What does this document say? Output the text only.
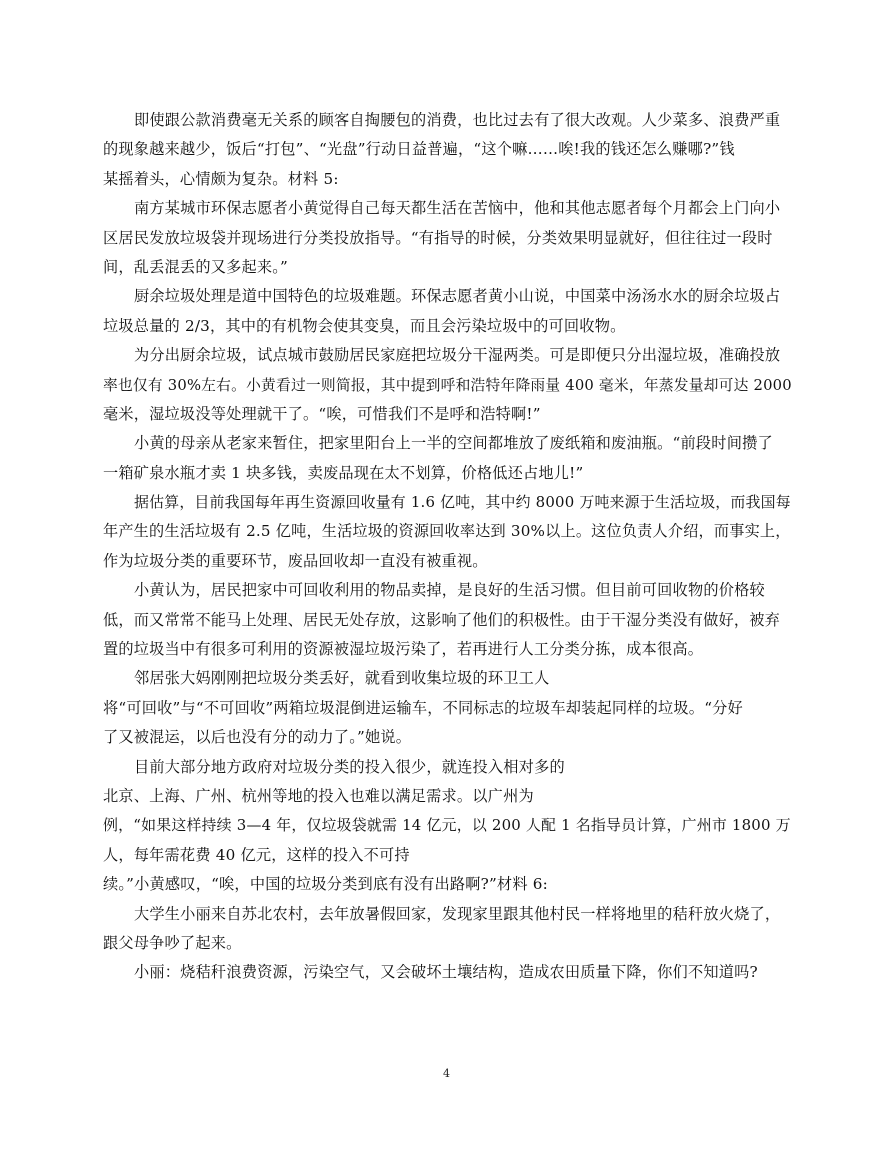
即使跟公款消费毫无关系的顾客自掏腰包的消费，也比过去有了很大改观。人少菜多、浪费严重
的现象越来越少，饭后“打包”、“光盘”行动日益普遍，“这个嘛……唉!我的钱还怎么赚哪?”钱
某摇着头，心情颇为复杂。材料 5:
南方某城市环保志愿者小黄觉得自己每天都生活在苦恼中，他和其他志愿者每个月都会上门向小
区居民发放垃圾袋并现场进行分类投放指导。“有指导的时候，分类效果明显就好，但往往过一段时
间，乱丢混丢的又多起来。”
厨余垃圾处理是道中国特色的垃圾难题。环保志愿者黄小山说，中国菜中汤汤水水的厨余垃圾占
垃圾总量的 2/3，其中的有机物会使其变臭，而且会污染垃圾中的可回收物。
为分出厨余垃圾，试点城市鼓励居民家庭把垃圾分干湿两类。可是即便只分出湿垃圾，准确投放
率也仅有 30%左右。小黄看过一则简报，其中提到呼和浩特年降雨量 400 毫米，年蒸发量却可达 2000
毫米，湿垃圾没等处理就干了。“唉，可惜我们不是呼和浩特啊!”
小黄的母亲从老家来暂住，把家里阳台上一半的空间都堆放了废纸箱和废油瓶。“前段时间攒了
一箱矿泉水瓶才卖 1 块多钱，卖废品现在太不划算，价格低还占地儿!”
据估算，目前我国每年再生资源回收量有 1.6 亿吨，其中约 8000 万吨来源于生活垃圾，而我国每
年产生的生活垃圾有 2.5 亿吨，生活垃圾的资源回收率达到 30%以上。这位负责人介绍，而事实上，
作为垃圾分类的重要环节，废品回收却一直没有被重视。
小黄认为，居民把家中可回收利用的物品卖掉，是良好的生活习惯。但目前可回收物的价格较
低，而又常常不能马上处理、居民无处存放，这影响了他们的积极性。由于干湿分类没有做好，被弃
置的垃圾当中有很多可利用的资源被湿垃圾污染了，若再进行人工分类分拣，成本很高。
邻居张大妈刚刚把垃圾分类丢好，就看到收集垃圾的环卫工人
将“可回收”与“不可回收”两箱垃圾混倒进运输车，不同标志的垃圾车却装起同样的垃圾。“分好
了又被混运，以后也没有分的动力了。”她说。
目前大部分地方政府对垃圾分类的投入很少，就连投入相对多的
北京、上海、广州、杭州等地的投入也难以满足需求。以广州为
例，“如果这样持续 3—4 年，仅垃圾袋就需 14 亿元，以 200 人配 1 名指导员计算，广州市 1800 万
人，每年需花费 40 亿元，这样的投入不可持
续。”小黄感叹，“唉，中国的垃圾分类到底有没有出路啊?”材料 6:
大学生小丽来自苏北农村，去年放暑假回家，发现家里跟其他村民一样将地里的秸秆放火烧了，
跟父母争吵了起来。
小丽：烧秸秆浪费资源，污染空气，又会破坏土壤结构，造成农田质量下降，你们不知道吗?
4
